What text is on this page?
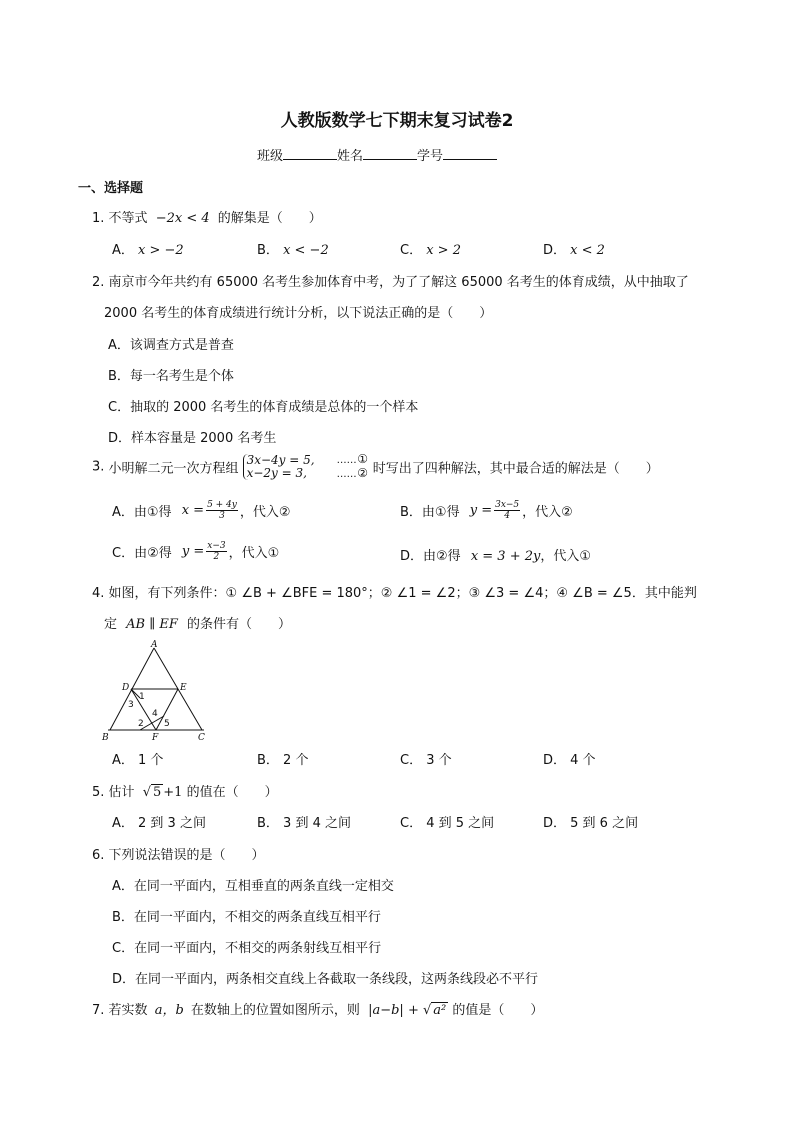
人教版数学七下期末复习试卷2
班级	姓名	学号
一、选择题
1. 不等式 −2x < 4 的解集是（　　）
A． x > −2	B． x < −2	C． x > 2	D． x < 2
2. 南京市今年共约有 65000 名考生参加体育中考，为了了解这 65000 名考生的体育成绩，从中抽取了
2000 名考生的体育成绩进行统计分析，以下说法正确的是（　　）
A．该调查方式是普查
B．每一名考生是个体
C．抽取的 2000 名考生的体育成绩是总体的一个样本
D．样本容量是 2000 名考生
3. 小明解二元一次方程组
3x−4y = 5,
x−2y = 3,
……①
……② 时写出了四种解法，其中最合适的解法是（　　）
A．由①得 $x = \frac{5 + 4y}{3}$ ，代入②	B．由①得 $y = \frac{3x-5}{4}$ ，代入②
C．由②得 $y = \frac{x-3}{2}$ ，代入①	D．由②得 x = 3 + 2y，代入①
4. 如图，有下列条件：① ∠B + ∠BFE = 180°；② ∠1 = ∠2；③ ∠3 = ∠4；④ ∠B = ∠5．其中能判
定 AB ∥ EF 的条件有（　　）
A
B	C
D	E
F
1
2
3
4
5
A． 1 个	B． 2 个	C． 3 个	D． 4 个
5. 估计 √ 5 +1 的值在（　　）
A． 2 到 3 之间	B． 3 到 4 之间	C． 4 到 5 之间	D． 5 到 6 之间
6. 下列说法错误的是（　　）
A．在同一平面内，互相垂直的两条直线一定相交
B．在同一平面内，不相交的两条直线互相平行
C．在同一平面内，不相交的两条射线互相平行
D．在同一平面内，两条相交直线上各截取一条线段，这两条线段必不平行
7. 若实数 a，b 在数轴上的位置如图所示，则 |a−b| + √ a² 的值是（　　）
